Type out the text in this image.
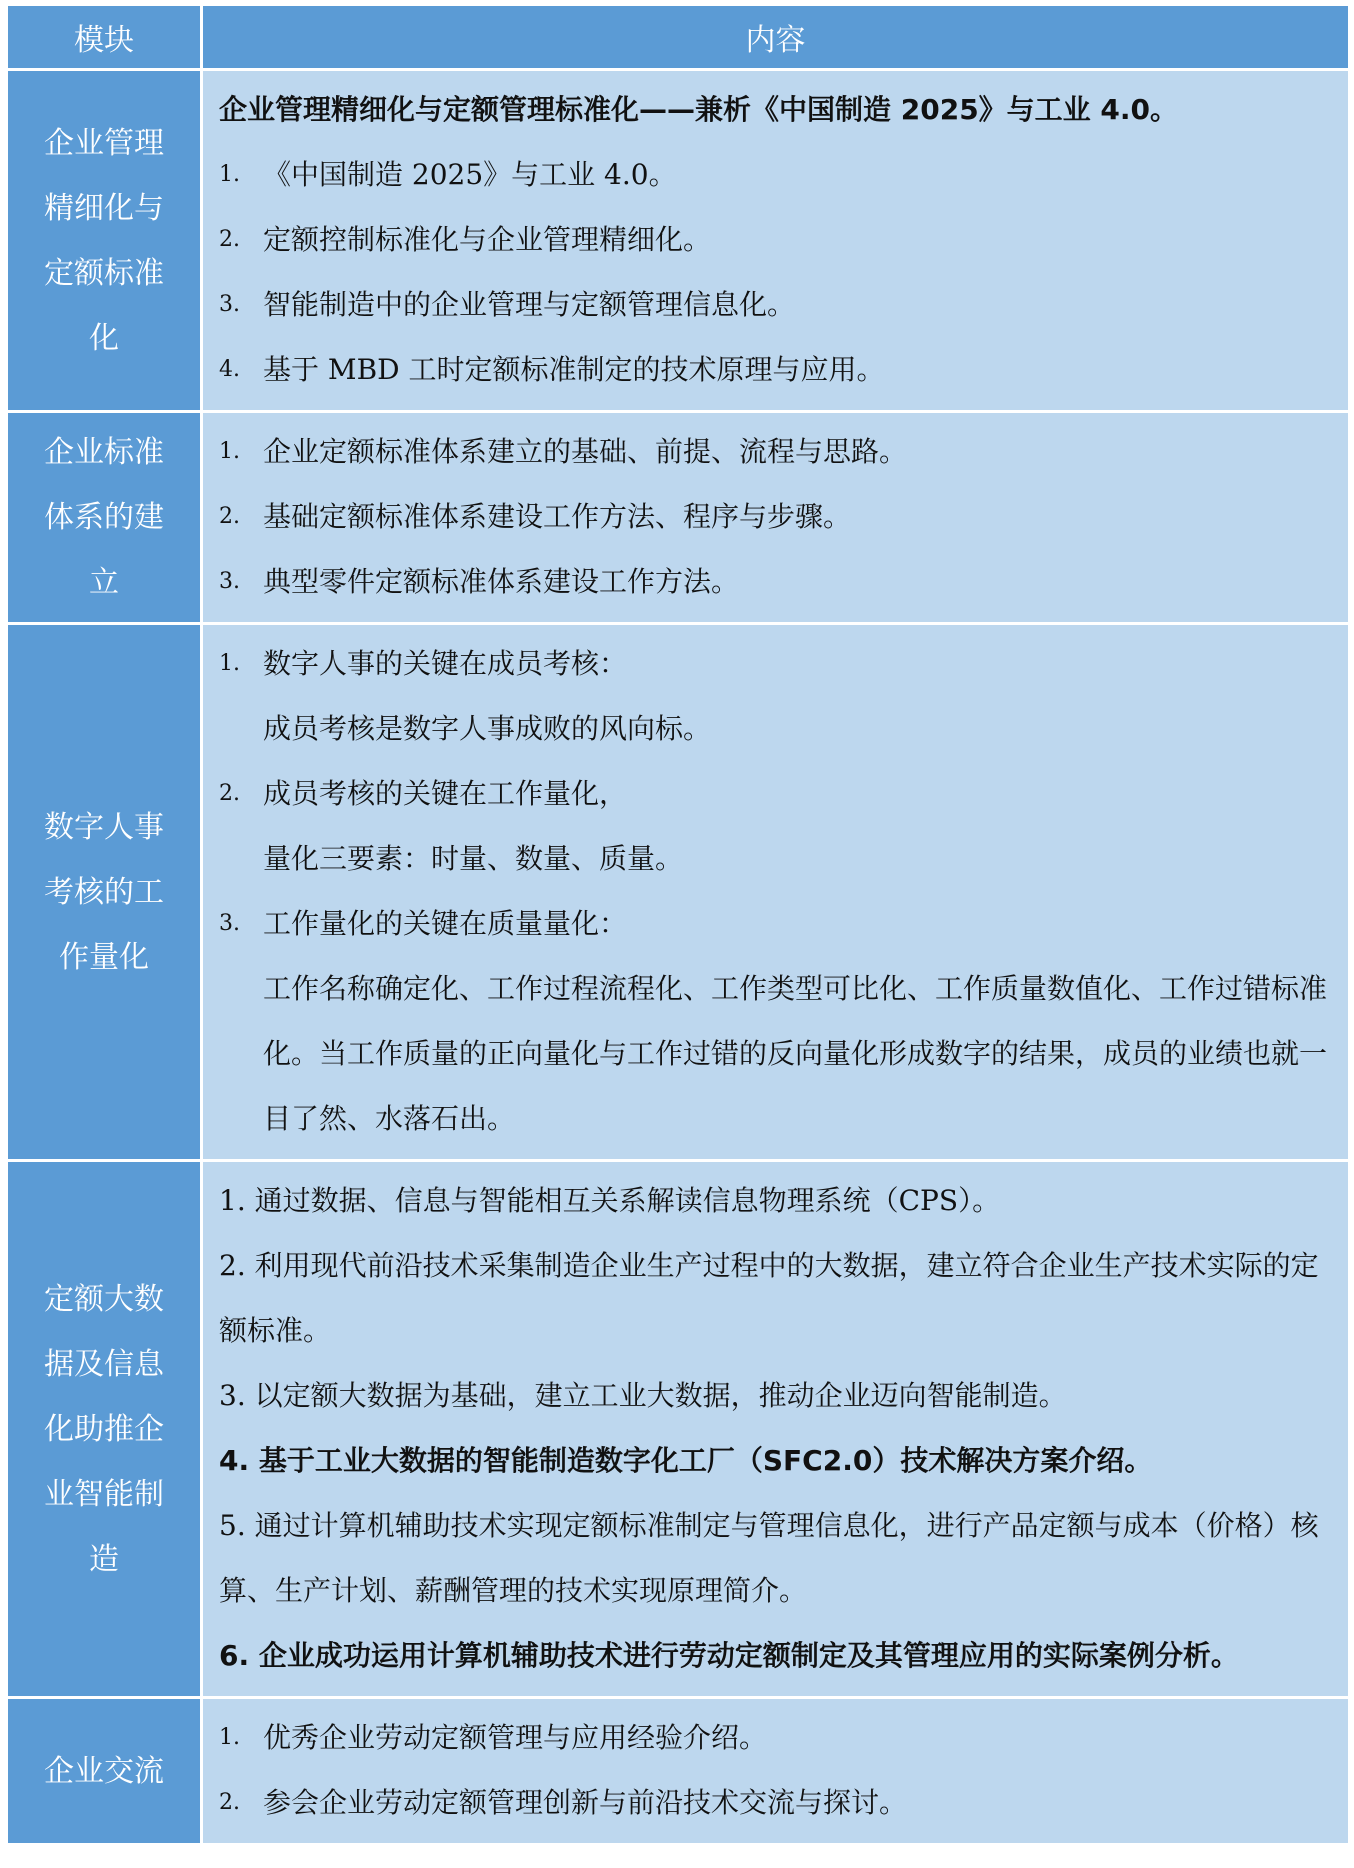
模块	内容
企业管理精细化与定额标准化
企业管理精细化与定额管理标准化——兼析《中国制造 2025》与工业 4.0。
1. 《中国制造 2025》与工业 4.0。
2. 定额控制标准化与企业管理精细化。
3. 智能制造中的企业管理与定额管理信息化。
4. 基于 MBD 工时定额标准制定的技术原理与应用。
企业标准体系的建立
1. 企业定额标准体系建立的基础、前提、流程与思路。
2. 基础定额标准体系建设工作方法、程序与步骤。
3. 典型零件定额标准体系建设工作方法。
数字人事考核的工作量化
1. 数字人事的关键在成员考核：
成员考核是数字人事成败的风向标。
2. 成员考核的关键在工作量化，
量化三要素：时量、数量、质量。
3. 工作量化的关键在质量量化：
工作名称确定化、工作过程流程化、工作类型可比化、工作质量数值化、工作过错标准化。当工作质量的正向量化与工作过错的反向量化形成数字的结果，成员的业绩也就一目了然、水落石出。
定额大数据及信息化助推企业智能制造
1. 通过数据、信息与智能相互关系解读信息物理系统（CPS）。
2. 利用现代前沿技术采集制造企业生产过程中的大数据，建立符合企业生产技术实际的定额标准。
3. 以定额大数据为基础，建立工业大数据，推动企业迈向智能制造。
4. 基于工业大数据的智能制造数字化工厂（SFC2.0）技术解决方案介绍。
5. 通过计算机辅助技术实现定额标准制定与管理信息化，进行产品定额与成本（价格）核算、生产计划、薪酬管理的技术实现原理简介。
6. 企业成功运用计算机辅助技术进行劳动定额制定及其管理应用的实际案例分析。
企业交流
1. 优秀企业劳动定额管理与应用经验介绍。
2. 参会企业劳动定额管理创新与前沿技术交流与探讨。
